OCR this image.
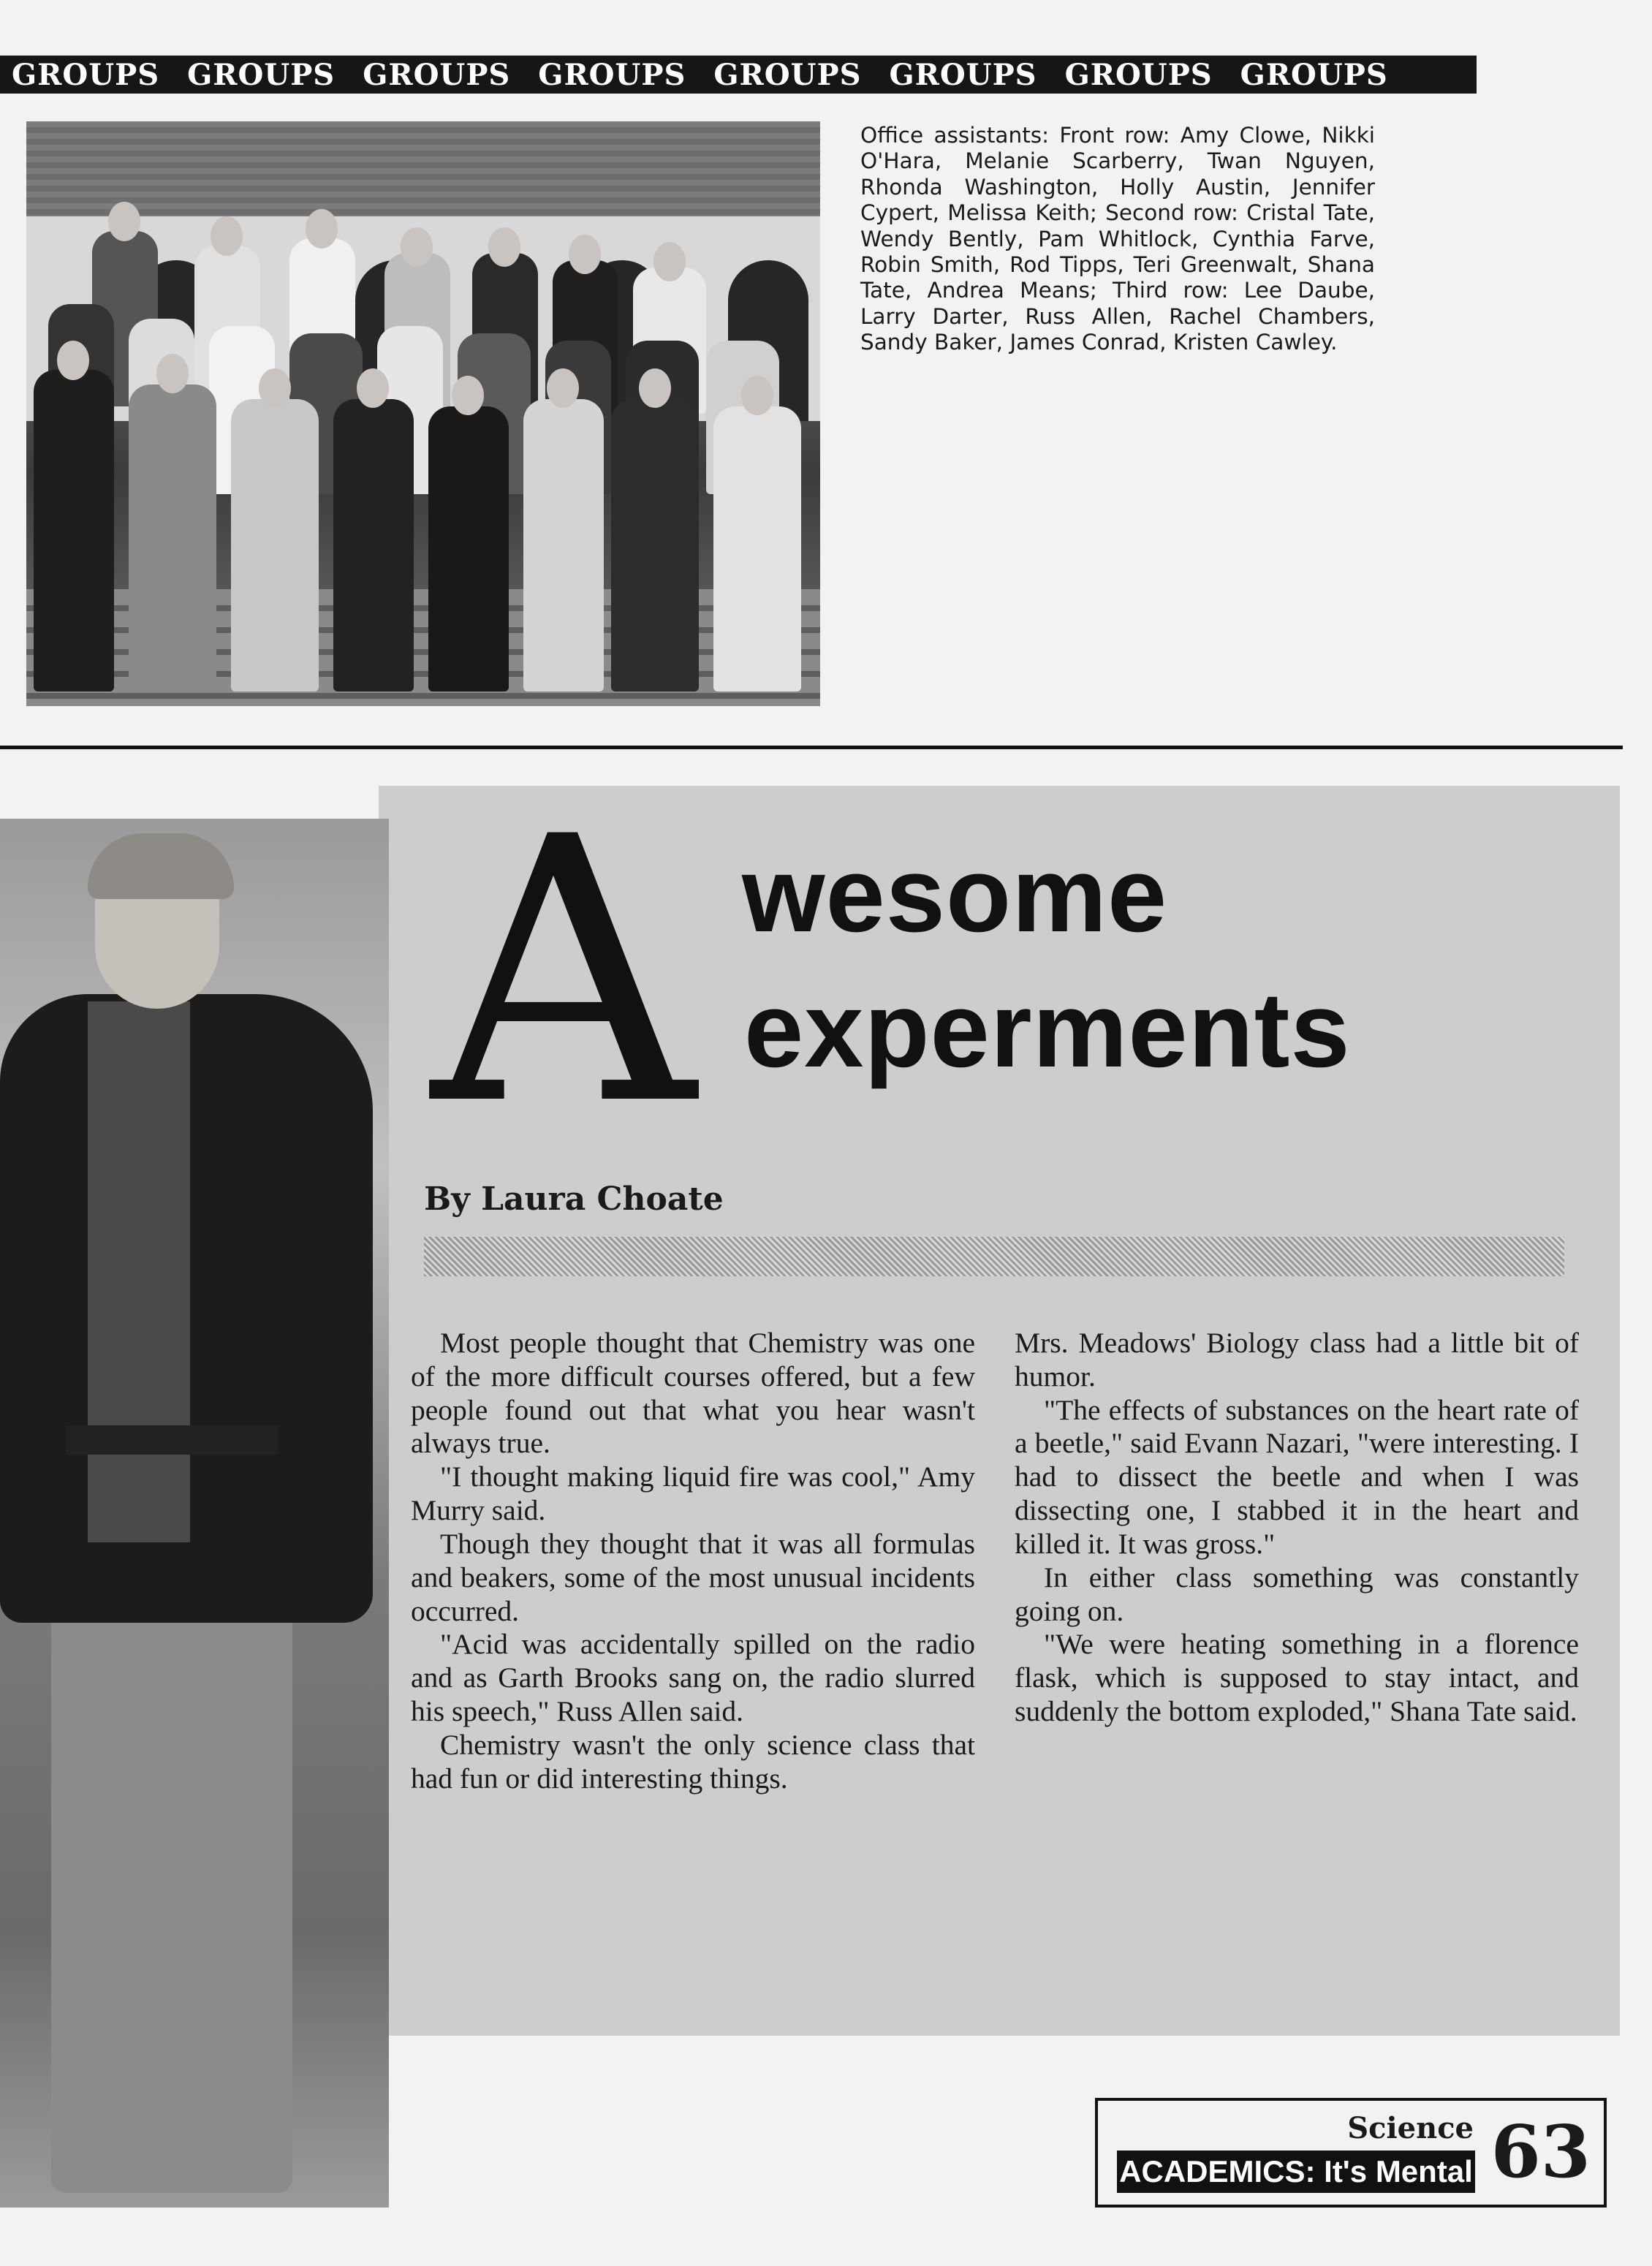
GROUPS GROUPS GROUPS GROUPS GROUPS GROUPS GROUPS GROUPS

Office assistants: Front row: Amy Clowe, Nikki O'Hara, Melanie Scarberry, Twan Nguyen, Rhonda Washington, Holly Austin, Jennifer Cypert, Melissa Keith; Second row: Cristal Tate, Wendy Bently, Pam Whitlock, Cynthia Farve, Robin Smith, Rod Tipps, Teri Greenwalt, Shana Tate, Andrea Means; Third row: Lee Daube, Larry Darter, Russ Allen, Rachel Chambers, Sandy Baker, James Conrad, Kristen Cawley.

A wesome

experments

By Laura Choate

Most people thought that Chemistry was one of the more difficult courses offered, but a few people found out that what you hear wasn't always true.

"I thought making liquid fire was cool," Amy Murry said.

Though they thought that it was all formulas and beakers, some of the most unusual incidents occurred.

"Acid was accidentally spilled on the radio and as Garth Brooks sang on, the radio slurred his speech," Russ Allen said.

Chemistry wasn't the only science class that had fun or did interesting things.

Mrs. Meadows' Biology class had a little bit of humor.

"The effects of substances on the heart rate of a beetle," said Evann Nazari, "were interesting. I had to dissect the beetle and when I was dissecting one, I stabbed it in the heart and killed it. It was gross."

In either class something was constantly going on.

"We were heating something in a florence flask, which is supposed to stay intact, and suddenly the bottom exploded," Shana Tate said.

Science

ACADEMICS: It's Mental 63
